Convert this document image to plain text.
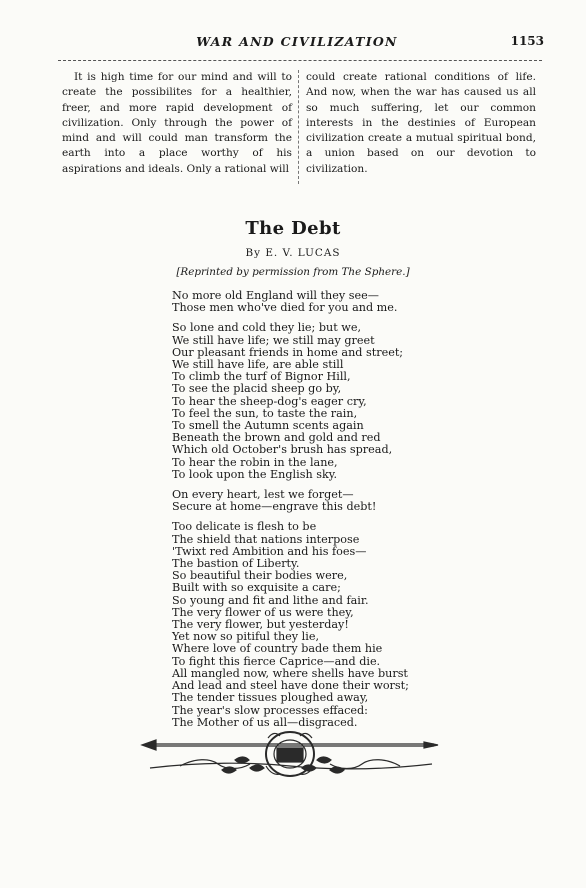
WAR AND CIVILIZATION	1153
It is high time for our mind and will to create the possibilites for a healthier, freer, and more rapid development of civilization. Only through the power of mind and will could man transform the earth into a place worthy of his aspirations and ideals. Only a rational will
could create rational conditions of life. And now, when the war has caused us all so much suffering, let our common interests in the destinies of European civilization create a mutual spiritual bond, a union based on our devotion to civilization.
The Debt
By E. V. LUCAS
[Reprinted by permission from The Sphere.]
No more old England will they see—
Those men who've died for you and me.
So lone and cold they lie; but we,
We still have life; we still may greet
Our pleasant friends in home and street;
We still have life, are able still
To climb the turf of Bignor Hill,
To see the placid sheep go by,
To hear the sheep-dog's eager cry,
To feel the sun, to taste the rain,
To smell the Autumn scents again
Beneath the brown and gold and red
Which old October's brush has spread,
To hear the robin in the lane,
To look upon the English sky.
On every heart, lest we forget—
Secure at home—engrave this debt!
Too delicate is flesh to be
The shield that nations interpose
'Twixt red Ambition and his foes—
The bastion of Liberty.
So beautiful their bodies were,
Built with so exquisite a care;
So young and fit and lithe and fair.
The very flower of us were they,
The very flower, but yesterday!
Yet now so pitiful they lie,
Where love of country bade them hie
To fight this fierce Caprice—and die.
All mangled now, where shells have burst
And lead and steel have done their worst;
The tender tissues ploughed away,
The year's slow processes effaced:
The Mother of us all—disgraced.
